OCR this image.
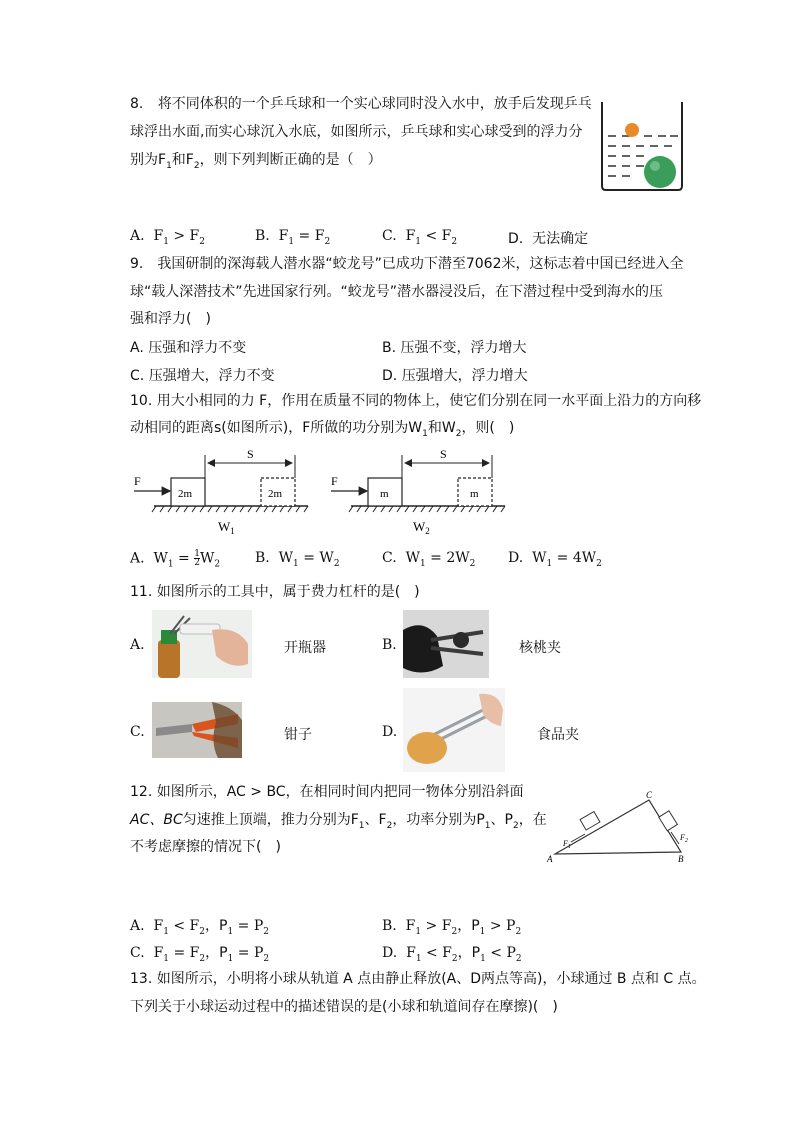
8. 将不同体积的一个乒乓球和一个实心球同时没入水中，放手后发现乒乓
球浮出水面,而实心球沉入水底，如图所示，乒乓球和实心球受到的浮力分
别为$F_1$和$F_2$，则下列判断正确的是（　）
A. $F_1 > F_2$	B. $F_1 = F_2$	C. $F_1 < F_2$	D. 无法确定
9.　我国研制的深海载人潜水器“蛟龙号”已成功下潜至7062米，这标志着中国已经进入全
球“载人深潜技术”先进国家行列。“蛟龙号”潜水器浸没后，在下潜过程中受到海水的压
强和浮力(　)
A. 压强和浮力不变	B. 压强不变，浮力增大
C. 压强增大，浮力不变	D. 压强增大，浮力增大
10. 用大小相同的力 F，作用在质量不同的物体上，使它们分别在同一水平面上沿力的方向移
动相同的距离s(如图所示)，F所做的功分别为$W_1$和$W_2$，则(　)
F
S
2m	2m
$W_1$
F
S
m	m
$W_2$
A. $W_1 = \frac{1}{2} W_2$ B. $W_1 = W_2$	C. $W_1 = 2W_2$ D. $W_1 = 4W_2$
11. 如图所示的工具中，属于费力杠杆的是(　)
A.	开瓶器	B.	核桃夹
C.	钳子	D.	食品夹
12. 如图所示，AC > BC，在相同时间内把同一物体分别沿斜面
AC、BC匀速推上顶端，推力分别为$F_1$、$F_2$，功率分别为$P_1$、$P_2$，在
不考虑摩擦的情况下(　)
A	B
C
$F_1$
$F_2$
A. $F_1 < F_2$，$P_1 = P_2$	B. $F_1 > F_2$，$P_1 > P_2$
C. $F_1 = F_2$，$P_1 = P_2$	D. $F_1 < F_2$，$P_1 < P_2$
13. 如图所示，小明将小球从轨道 A 点由静止释放(A、D两点等高)，小球通过 B 点和 C 点。
下列关于小球运动过程中的描述错误的是(小球和轨道间存在摩擦)(　)
